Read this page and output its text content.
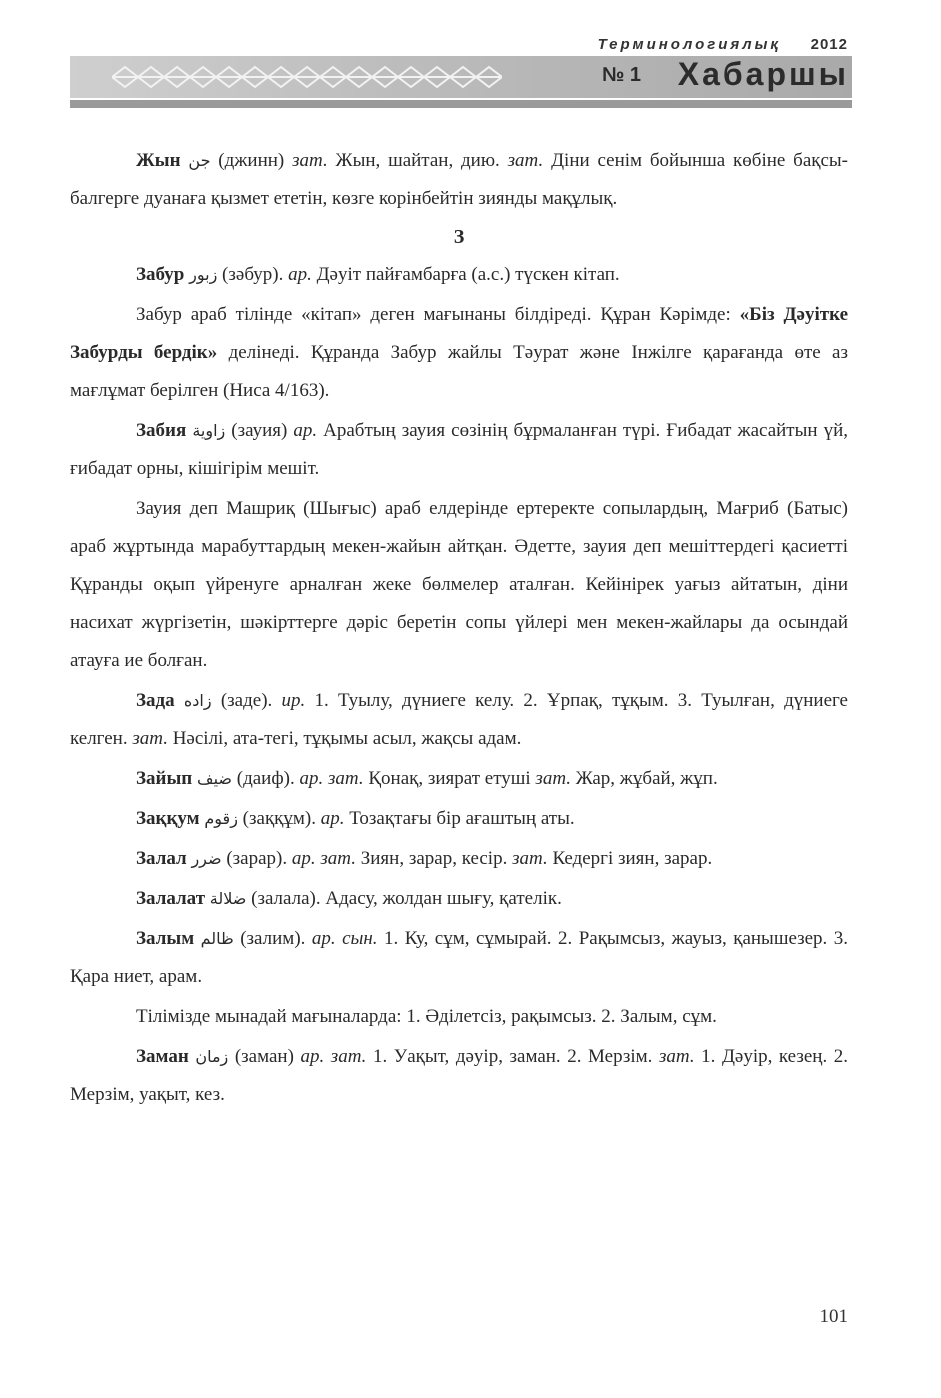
Терминологиялық 2012
№ 1 Хабаршы

Жын جن (джинн) зат. Жын, шайтан, дию. зат. Діни сенім бойынша көбіне бақсы-балгерге дуанаға қызмет ететін, көзге корінбейтін зиянды мақұлық.

З

Забур زبور (зәбур). ар. Дәуіт пайғамбарға (а.с.) түскен кітап.

Забур араб тілінде «кітап» деген мағынаны білдіреді. Құран Кәрімде: «Біз Дәуітке Забурды бердік» делінеді. Құранда Забур жайлы Тәурат және Інжілге қарағанда өте аз мағлұмат берілген (Ниса 4/163).

Забия زاوية (зауия) ар. Арабтың зауия сөзінің бұрмаланған түрі. Ғибадат жасайтын үй, ғибадат орны, кішігірім мешіт.

Зауия деп Машриқ (Шығыс) араб елдерінде ертеректе сопылардың, Мағриб (Батыс) араб жұртында марабуттардың мекен-жайын айтқан. Әдетте, зауия деп мешіттердегі қасиетті Құранды оқып үйренуге арналған жеке бөлмелер аталған. Кейінірек уағыз айтатын, діни насихат жүргізетін, шәкірттерге дәріс беретін сопы үйлері мен мекен-жайлары да осындай атауға ие болған.

Зада زاده (заде). ир. 1. Туылу, дүниеге келу. 2. Ұрпақ, тұқым. 3. Туылған, дүниеге келген. зат. Нәсілі, ата-тегі, тұқымы асыл, жақсы адам.

Зайып ضيف (даиф). ар. зат. Қонақ, зиярат етуші зат. Жар, жұбай, жұп.

Заққум زقوم (заққұм). ар. Тозақтағы бір ағаштың аты.

Залал ضرر (зарар). ар. зат. Зиян, зарар, кесір. зат. Кедергі зиян, зарар.

Залалат ضلالة (залала). Адасу, жолдан шығу, қателік.

Залым ظالم (залим). ар. сын. 1. Ку, сұм, сұмырай. 2. Рақымсыз, жауыз, қанышезер. 3. Қара ниет, арам.

Тілімізде мынадай мағыналарда: 1. Әділетсіз, рақымсыз. 2. Залым, сұм.

Заман زمان (заман) ар. зат. 1. Уақыт, дәуір, заман. 2. Мерзім. зат. 1. Дәуір, кезең. 2. Мерзім, уақыт, кез.

101
